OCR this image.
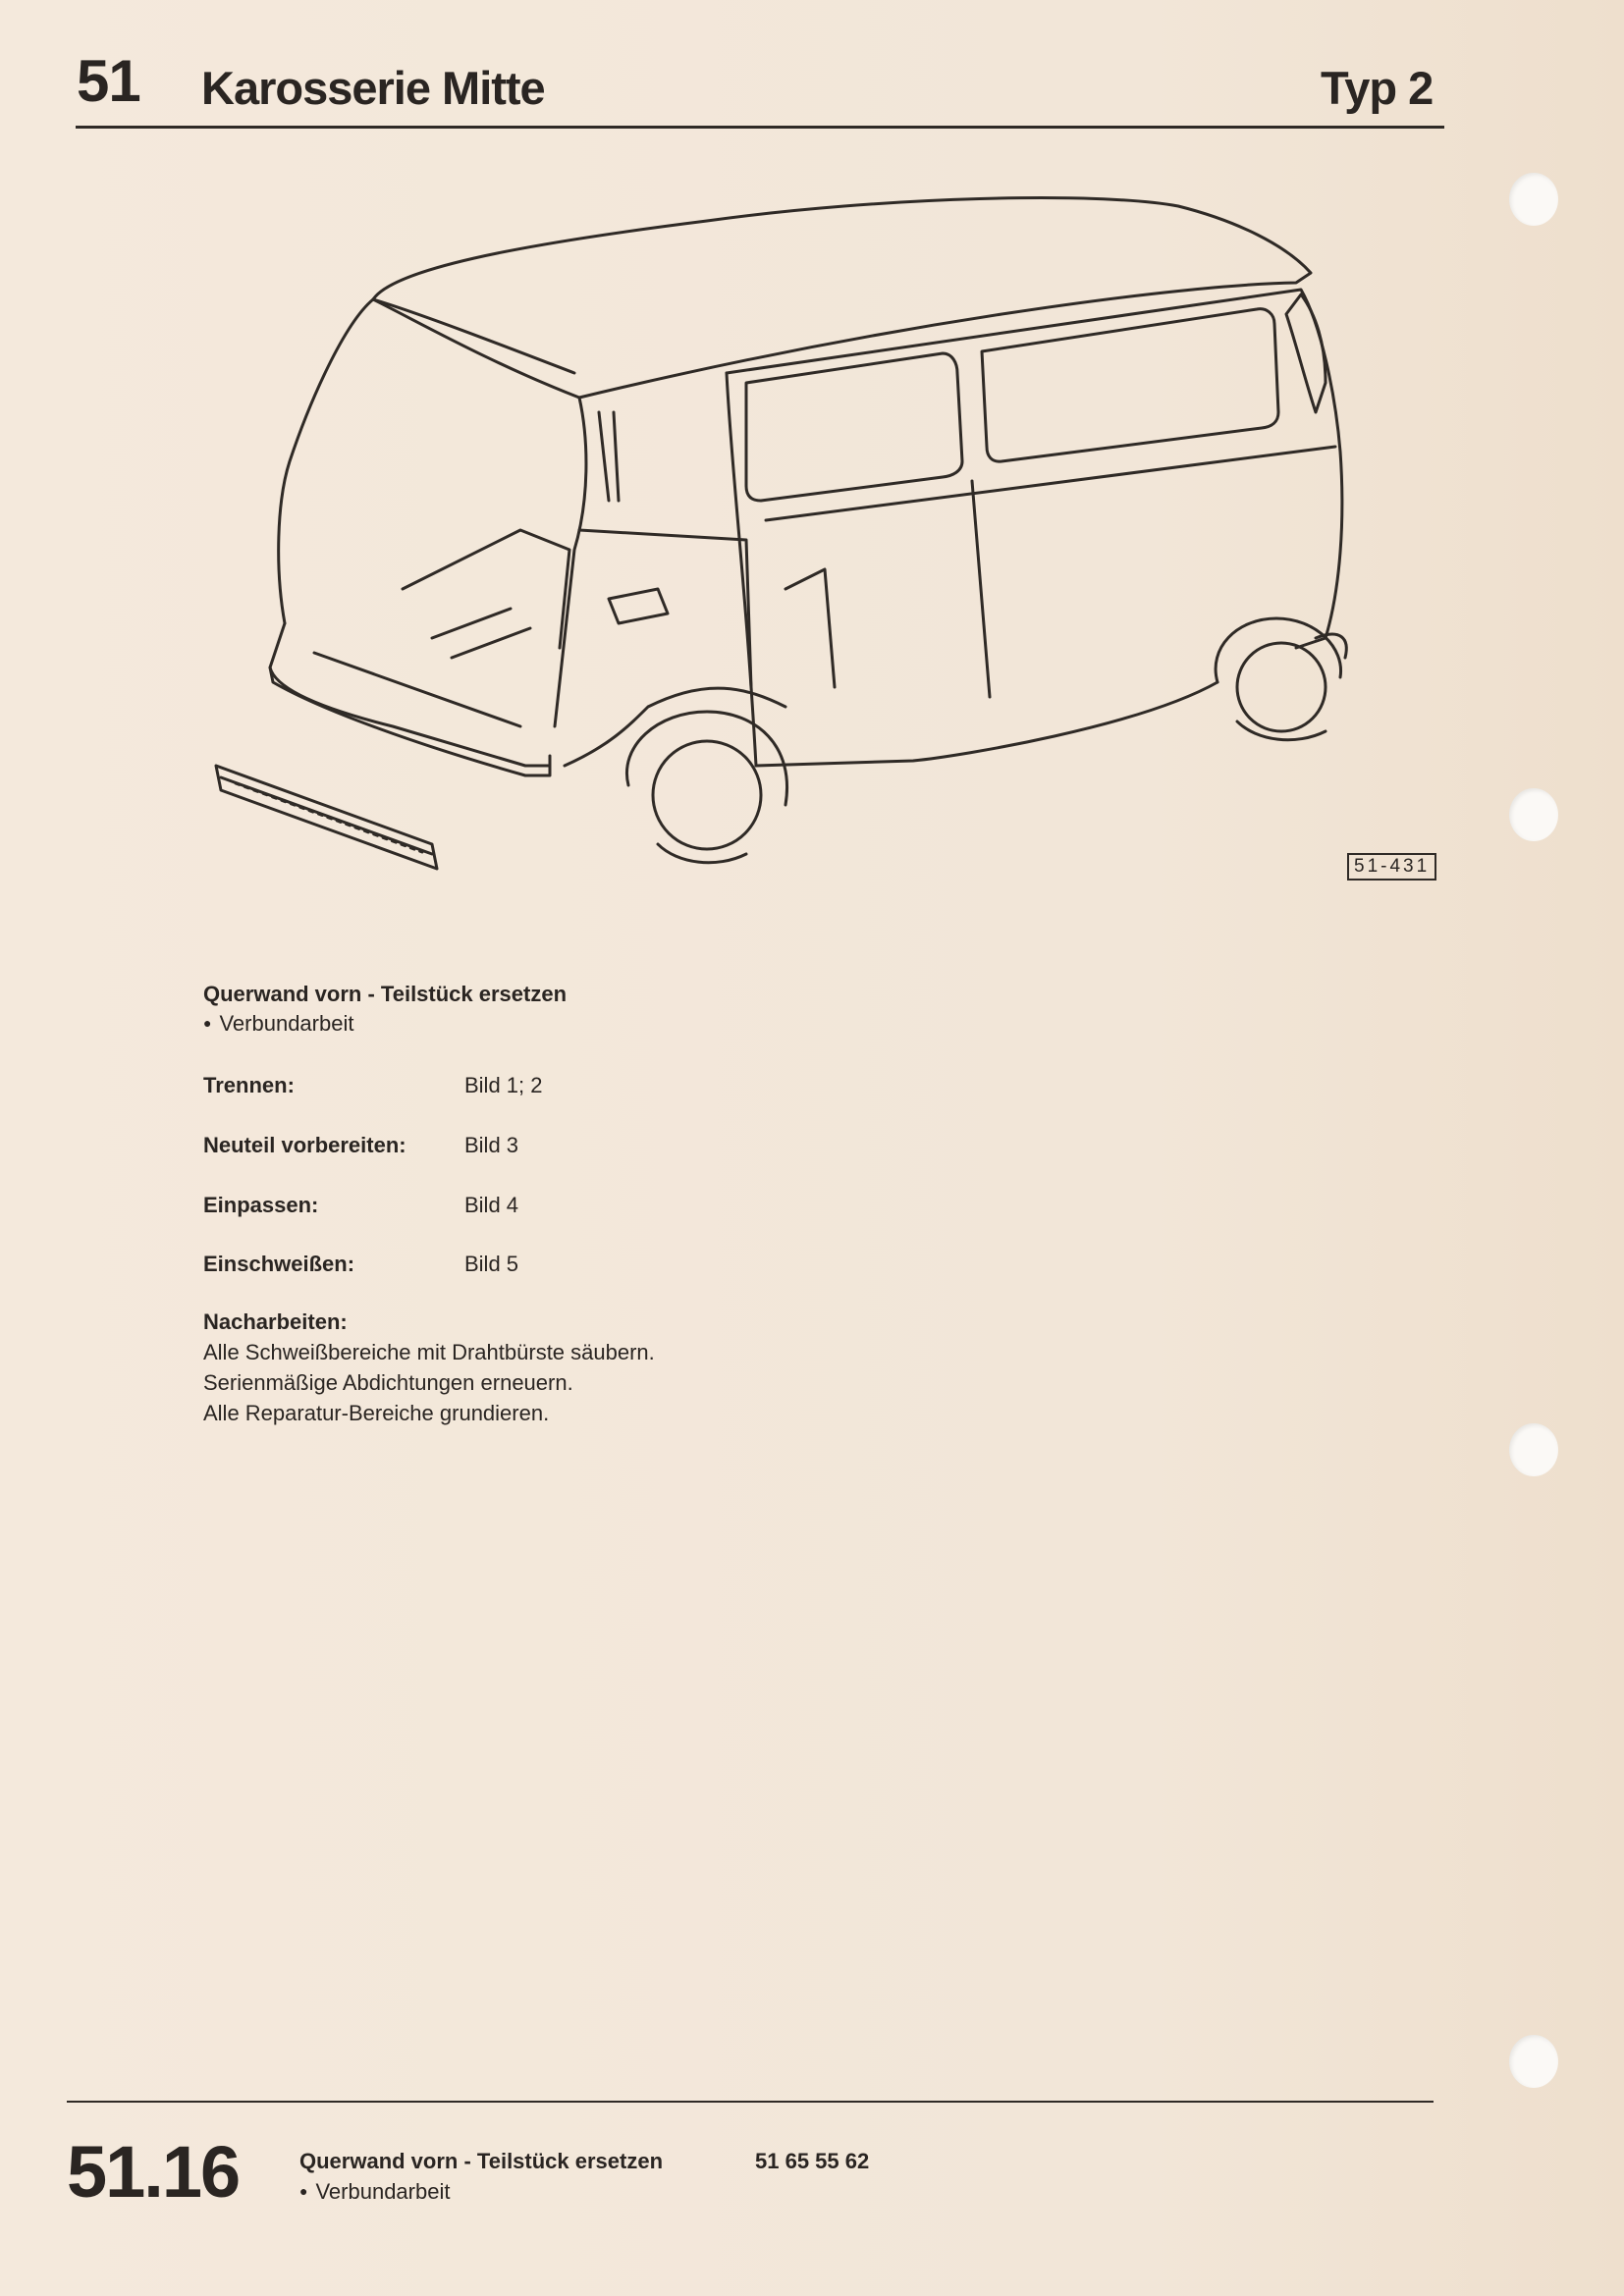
51 Karosserie Mitte	Typ 2
51-431
Querwand vorn - Teilstück ersetzen
● Verbundarbeit
Trennen:	Bild 1; 2
Neuteil vorbereiten:	Bild 3
Einpassen:	Bild 4
Einschweißen:	Bild 5
Nacharbeiten:
Alle Schweißbereiche mit Drahtbürste säubern.
Serienmäßige Abdichtungen erneuern.
Alle Reparatur-Bereiche grundieren.
51.16	Querwand vorn - Teilstück ersetzen
● Verbundarbeit
51 65 55 62
